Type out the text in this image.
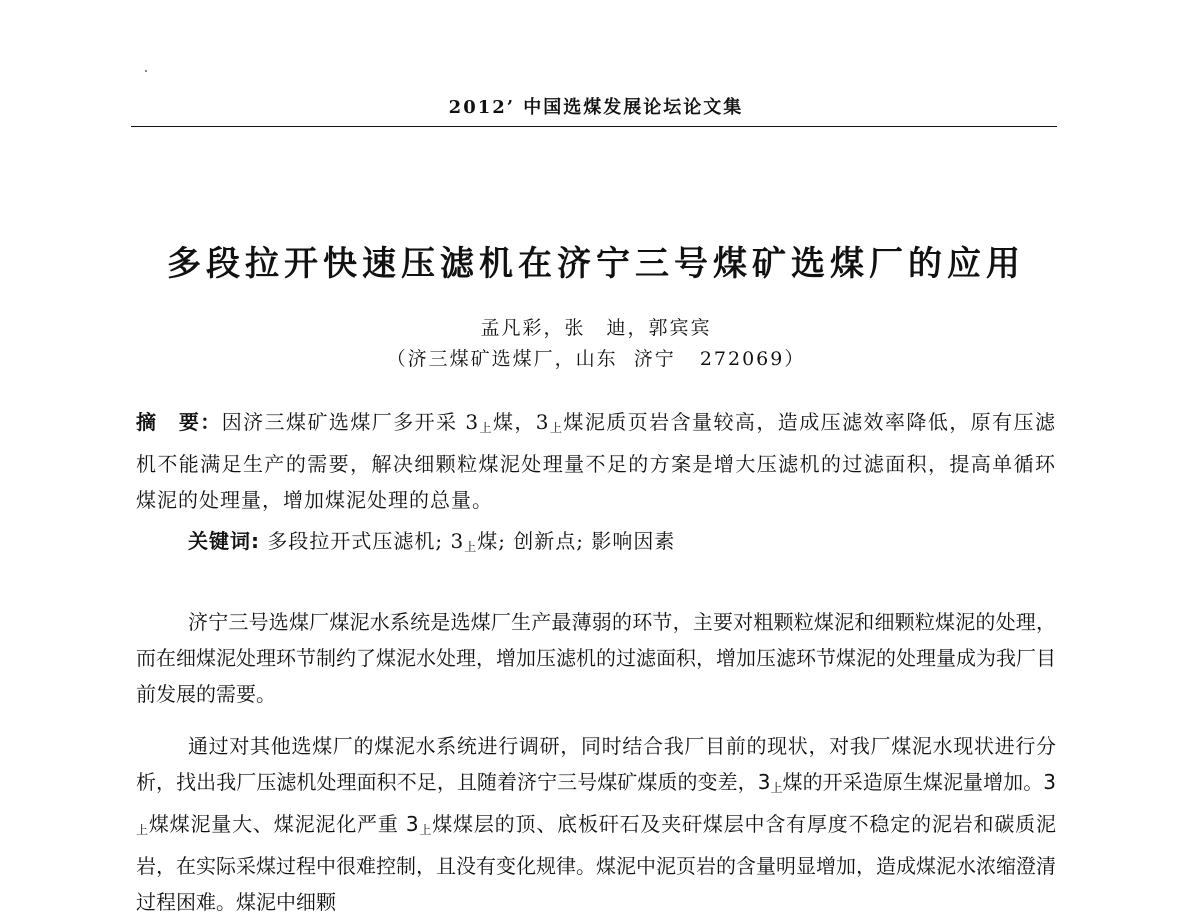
2012’ 中国选煤发展论坛论文集
多段拉开快速压滤机在济宁三号煤矿选煤厂的应用
孟凡彩，张　迪，郭宾宾
（济三煤矿选煤厂，山东  济宁   272069）

摘　要：因济三煤矿选煤厂多开采 $3_上$煤，$3_上$煤泥质页岩含量较高，造成压滤效率降低，原有压滤机不能满足生产的需要，解决细颗粒煤泥处理量不足的方案是增大压滤机的过滤面积，提高单循环煤泥的处理量，增加煤泥处理的总量。

关键词: 多段拉开式压滤机; $3_上$煤; 创新点; 影响因素

济宁三号选煤厂煤泥水系统是选煤厂生产最薄弱的环节，主要对粗颗粒煤泥和细颗粒煤泥的处理，而在细煤泥处理环节制约了煤泥水处理，增加压滤机的过滤面积，增加压滤环节煤泥的处理量成为我厂目前发展的需要。

通过对其他选煤厂的煤泥水系统进行调研，同时结合我厂目前的现状，对我厂煤泥水现状进行分析，找出我厂压滤机处理面积不足，且随着济宁三号煤矿煤质的变差，$3_上$煤的开采造原生煤泥量增加。$3_上$煤煤泥量大、煤泥泥化严重 $3_上$煤煤层的顶、底板矸石及夹矸煤层中含有厚度不稳定的泥岩和碳质泥岩，在实际采煤过程中很难控制，且没有变化规律。煤泥中泥页岩的含量明显增加，造成煤泥水浓缩澄清过程困难。煤泥中细颗
